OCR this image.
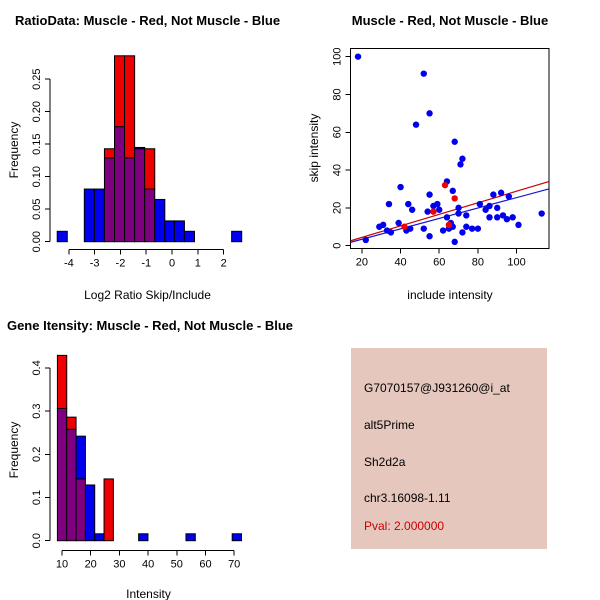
0.00
0.05
0.10
0.15
0.20
0.25
-4 -3 -2 -1 0 1 2
0.0
0.1
0.2
0.3
0.4
10 20 30 40 50 60 70
20 40 60 80 100
0
20
40
60
80
100
RatioData: Muscle - Red, Not Muscle - Blue
Frequency
Log2 Ratio Skip/Include
Muscle - Red, Not Muscle - Blue
skip intensity
include intensity
Gene Itensity: Muscle - Red, Not Muscle - Blue
Frequency
Intensity
G7070157@J931260@i_at
alt5Prime
Sh2d2a
chr3.16098-1.11
Pval: 2.000000
